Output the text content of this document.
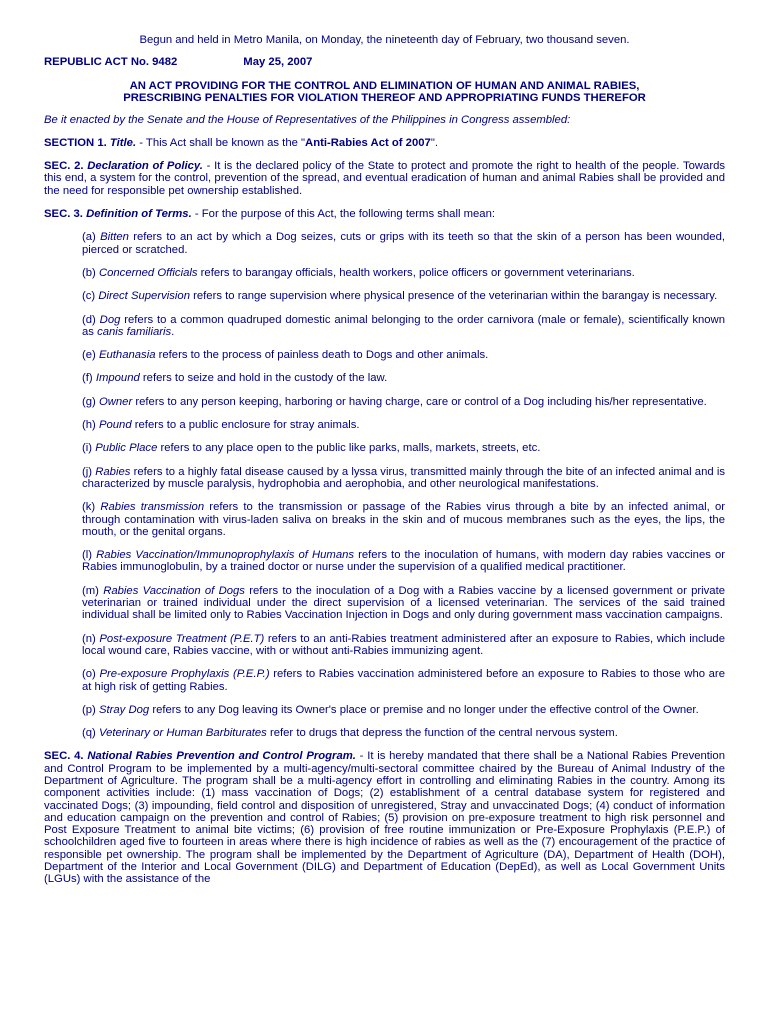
Begun and held in Metro Manila, on Monday, the nineteenth day of February, two thousand seven.

REPUBLIC ACT No. 9482	May 25, 2007

AN ACT PROVIDING FOR THE CONTROL AND ELIMINATION OF HUMAN AND ANIMAL RABIES,
PRESCRIBING PENALTIES FOR VIOLATION THEREOF AND APPROPRIATING FUNDS THEREFOR

Be it enacted by the Senate and the House of Representatives of the Philippines in Congress assembled:

SECTION 1. Title. - This Act shall be known as the "Anti-Rabies Act of 2007".

SEC. 2. Declaration of Policy. - It is the declared policy of the State to protect and promote the right to health of the people. Towards this end, a system for the control, prevention of the spread, and eventual eradication of human and animal Rabies shall be provided and the need for responsible pet ownership established.

SEC. 3. Definition of Terms. - For the purpose of this Act, the following terms shall mean:

(a) Bitten refers to an act by which a Dog seizes, cuts or grips with its teeth so that the skin of a person has been wounded, pierced or scratched.

(b) Concerned Officials refers to barangay officials, health workers, police officers or government veterinarians.

(c) Direct Supervision refers to range supervision where physical presence of the veterinarian within the barangay is necessary.

(d) Dog refers to a common quadruped domestic animal belonging to the order carnivora (male or female), scientifically known as canis familiaris.

(e) Euthanasia refers to the process of painless death to Dogs and other animals.

(f) Impound refers to seize and hold in the custody of the law.

(g) Owner refers to any person keeping, harboring or having charge, care or control of a Dog including his/her representative.

(h) Pound refers to a public enclosure for stray animals.

(i) Public Place refers to any place open to the public like parks, malls, markets, streets, etc.

(j) Rabies refers to a highly fatal disease caused by a lyssa virus, transmitted mainly through the bite of an infected animal and is characterized by muscle paralysis, hydrophobia and aerophobia, and other neurological manifestations.

(k) Rabies transmission refers to the transmission or passage of the Rabies virus through a bite by an infected animal, or through contamination with virus-laden saliva on breaks in the skin and of mucous membranes such as the eyes, the lips, the mouth, or the genital organs.

(l) Rabies Vaccination/Immunoprophylaxis of Humans refers to the inoculation of humans, with modern day rabies vaccines or Rabies immunoglobulin, by a trained doctor or nurse under the supervision of a qualified medical practitioner.

(m) Rabies Vaccination of Dogs refers to the inoculation of a Dog with a Rabies vaccine by a licensed government or private veterinarian or trained individual under the direct supervision of a licensed veterinarian. The services of the said trained individual shall be limited only to Rabies Vaccination Injection in Dogs and only during government mass vaccination campaigns.

(n) Post-exposure Treatment (P.E.T) refers to an anti-Rabies treatment administered after an exposure to Rabies, which include local wound care, Rabies vaccine, with or without anti-Rabies immunizing agent.

(o) Pre-exposure Prophylaxis (P.E.P.) refers to Rabies vaccination administered before an exposure to Rabies to those who are at high risk of getting Rabies.

(p) Stray Dog refers to any Dog leaving its Owner's place or premise and no longer under the effective control of the Owner.

(q) Veterinary or Human Barbiturates refer to drugs that depress the function of the central nervous system.

SEC. 4. National Rabies Prevention and Control Program. - It is hereby mandated that there shall be a National Rabies Prevention and Control Program to be implemented by a multi-agency/multi-sectoral committee chaired by the Bureau of Animal Industry of the Department of Agriculture. The program shall be a multi-agency effort in controlling and eliminating Rabies in the country. Among its component activities include: (1) mass vaccination of Dogs; (2) establishment of a central database system for registered and vaccinated Dogs; (3) impounding, field control and disposition of unregistered, Stray and unvaccinated Dogs; (4) conduct of information and education campaign on the prevention and control of Rabies; (5) provision on pre-exposure treatment to high risk personnel and Post Exposure Treatment to animal bite victims; (6) provision of free routine immunization or Pre-Exposure Prophylaxis (P.E.P.) of schoolchildren aged five to fourteen in areas where there is high incidence of rabies as well as the (7) encouragement of the practice of responsible pet ownership. The program shall be implemented by the Department of Agriculture (DA), Department of Health (DOH), Department of the Interior and Local Government (DILG) and Department of Education (DepEd), as well as Local Government Units (LGUs) with the assistance of the
